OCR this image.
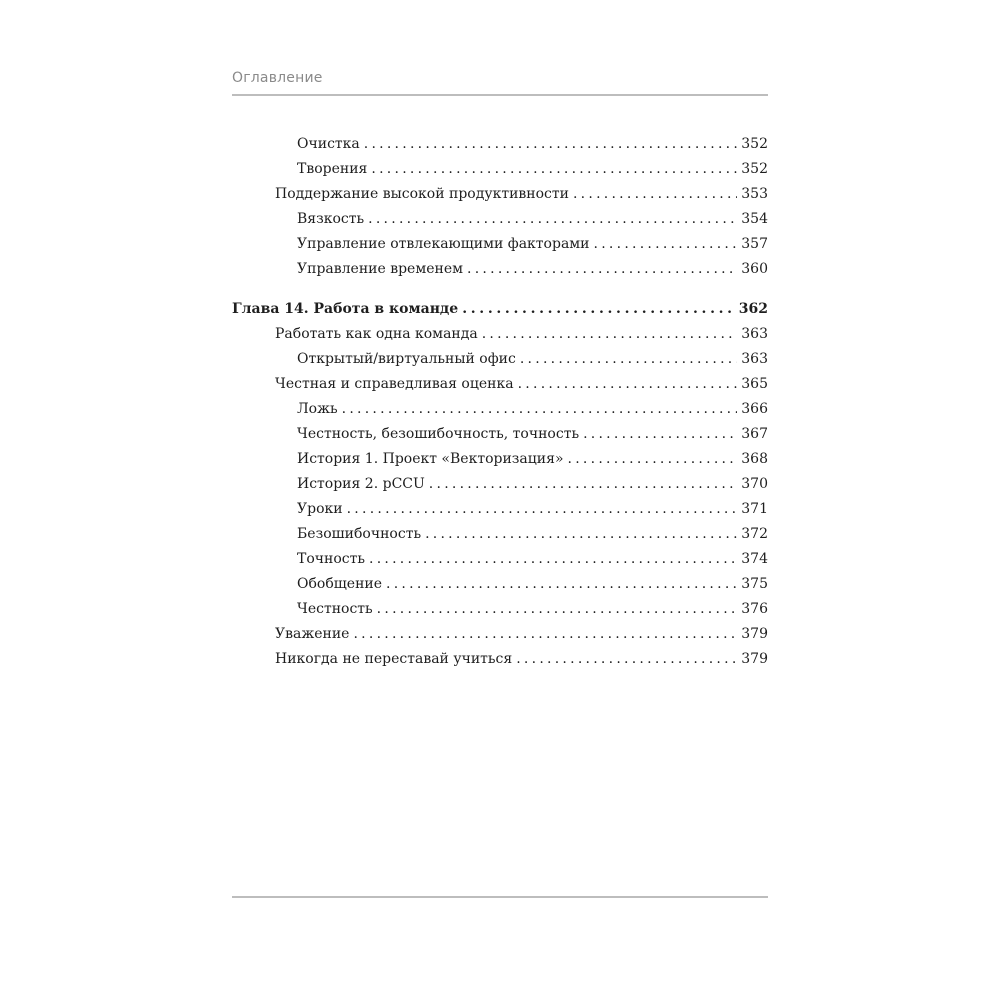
Оглавление
Очистка . . .	352
Творения . . .	352
Поддержание высокой продуктивности . . .	353
Вязкость . . .	354
Управление отвлекающими факторами . . .	357
Управление временем . . .	360
Глава 14. Работа в команде . . .	362
Работать как одна команда . . .	363
Открытый/виртуальный офис . . .	363
Честная и справедливая оценка . . .	365
Ложь . . .	366
Честность, безошибочность, точность . . .	367
История 1. Проект «Векторизация» . . .	368
История 2. pCCU . . .	370
Уроки . . .	371
Безошибочность . . .	372
Точность . . .	374
Обобщение . . .	375
Честность . . .	376
Уважение . . .	379
Никогда не переставай учиться . . .	379
